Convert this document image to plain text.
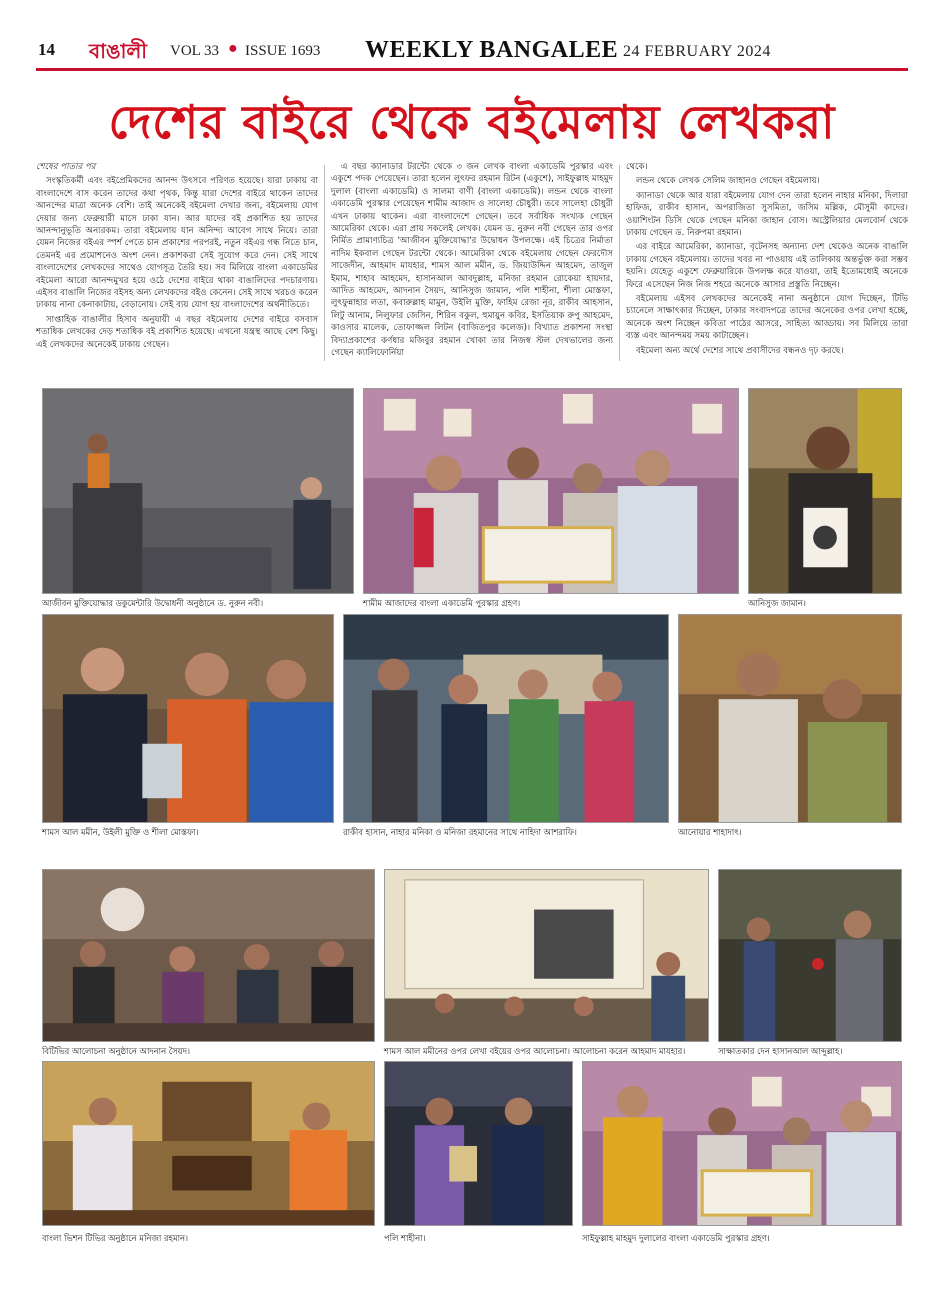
14 বাঙালী VOL 33 ● ISSUE 1693 WEEKLY BANGALEE 24 FEBRUARY 2024
দেশের বাইরে থেকে বইমেলায় লেখকরা

শেষের পাতার পর

সংস্কৃতিকর্মী এবং বইপ্রেমিকদের আনন্দ উৎসবে পরিণত হয়েছে। যারা ঢাকায় বা বাংলাদেশে বাস করেন তাদের কথা পৃথক, কিন্তু যারা দেশের বাইরে থাকেন তাদের আনন্দের মাত্রা অনেক বেশি। তাই অনেকেই বইমেলা দেখার জন্য, বইমেলায় যোগ দেয়ার জন্য ফেব্রুয়ারী মাসে ঢাকা যান। আর যাদের বই প্রকাশিত হয় তাদের আনন্দানুভূতি অন্যরকম। তারা বইমেলায় যান অনিন্দ্য আবেগ সাথে নিয়ে। তারা যেমন নিজের বইএর স্পর্শ পেতে চান প্রকাশের পরপরই, নতুন বইএর গন্ধ নিতে চান, তেমনই এর প্রমোশনেও অংশ নেন। প্রকাশকরা সেই সুযোগ করে দেন। সেই সাথে বাংলাদেশের লেখকদের সাথেও যোগসূত্র তৈরি হয়। সব মিলিয়ে বাংলা একাডেমির বইমেলা আরো আনন্দমুখর হয়ে ওঠে দেশের বাইরে থাকা বাঙালিদের পদচারণায়। এইসব বাঙালি নিজের বইসহ অন্য লেখকদের বইও কেনেন। সেই সাথে খরচও করেন ঢাকায় নানা কেনাকাটায়, বেড়ানোয়। সেই ব্যয় যোগ হয় বাংলাদেশের অর্থনীতিতে।

সাপ্তাহিক বাঙালীর হিসাব অনুযায়ী এ বছর বইমেলায় দেশের বাইরে বসবাস শতাধিক লেখকের দেড় শতাধিক বই প্রকাশিত হয়েছে। এখনো যন্ত্রস্থ আছে বেশ কিছু। এই লেখকদের অনেকেই ঢাকায় গেছেন।

এ বছর ক্যানাডার টরন্টো থেকে ৩ জন লেখক বাংলা একাডেমি পুরস্কার এবং একুশে পদক পেয়েছেন। তারা হলেন লুৎফর রহমান রিটন (একুশে), সাইফুল্লাহ মাহমুদ দুলাল (বাংলা একাডেমি) ও সালমা বাণী (বাংলা একাডেমি)। লন্ডন থেকে বাংলা একাডেমি পুরস্কার পেয়েছেন শামীম আজাদ ও সালেহা চৌধুরী। তবে সালেহা চৌধুরী এখন ঢাকায় থাকেন। এরা বাংলাদেশে গেছেন। তবে সর্বাধিক সংখ্যক গেছেন আমেরিকা থেকে। এরা প্রায় সকলেই লেখক। যেমন ড. নুরুন নবী গেছেন তার ওপর নির্মিত প্রামাণ্যচিত্র 'আজীবন মুক্তিযোদ্ধা'র উদ্বোধন উপলক্ষে। এই চিত্রের নির্মাতা নাদিম ইকবাল গেছেন টরন্টো থেকে। আমেরিকা থেকে বইমেলায় গেছেন ফেরদৌস সাজেদীন, আহমাদ মাযহার, শামস আল মমীন, ড. জিয়াউদ্দিন আহমেদ, তাজুল ইমাম, শাহাব আহমেদ, হাসানআল আবদুল্লাহ, মনিজা রহমান রোকেয়া হায়দার, আদিত আহমেদ, আদনান সৈয়দ, আনিসুজ জামান, পলি শাহীনা, শীলা মোস্তফা, লুৎফুন্নাহার লতা, কবারুল্লাহ মামুন, উইলি মুক্তি, ফাহিম রেজা নূর, রাকীব আহসান, লিটু আনাম, নিলুফার জেসিন, শিরিন বকুল, হুমায়ুন কবির, ইসতিয়াক রুপু আহমেদ, কাওসার মালেক, তোফাজ্জল লিটন (বাজিতপুর কলেজ)। বিখ্যাত প্রকাশনা সংস্থা বিদ্যাপ্রকাশের কর্ণধার মজিবুর রহমান খোকা তার নিজস্ব স্টল দেখভালের জন্য গেছেন ক্যালিফোর্নিয়া

থেকে।

লন্ডন থেকে লেখক সেলিম জাহানও গেছেন বইমেলায়।

ক্যানাডা থেকে আর যারা বইমেলায় যোগ দেন তারা হলেন নাহার মনিকা, দিলারা হাফিজ, রাকীব হাসান, অপরাজিতা সুসমিতা, জসিম মল্লিক, মৌসুমী কাদের। ওয়াশিংটন ডিসি থেকে গেছেন মনিকা জাহান বোস। অস্ট্রেলিয়ার মেলবোর্ন থেকে ঢাকায় গেছেন ড. নিরুপমা রহমান।

এর বাইরে আমেরিকা, ক্যানাডা, বৃটেনসহ অন্যান্য দেশ থেকেও অনেক বাঙালি ঢাকায় গেছেন বইমেলায়। তাদের খবর না পাওয়ায় এই তালিকায় অন্তর্ভুক্ত করা সম্ভব হয়নি। যেহেতু একুশে ফেব্রুয়ারিকে উপলক্ষ করে যাওয়া, তাই ইতোমধ্যেই অনেকে ফিরে এসেছেন নিজ নিজ শহরে অনেকে আসার প্রস্তুতি নিচ্ছেন।

বইমেলায় এইসব লেখকদের অনেকেই নানা অনুষ্ঠানে যোগ দিচ্ছেন, টিভি চ্যানেলে সাক্ষাৎকার দিচ্ছেন, ঢাকার সংবাদপত্রে তাদের অনেকের ওপর লেখা হচ্ছে, অনেকে অংশ নিচ্ছেন কবিতা পাঠের আসরে, সাহিত্য আড্ডায়। সব মিলিয়ে তারা ব্যস্ত এবং আনন্দময় সময় কাটাচ্ছেন।

বইমেলা অন্য অর্থে দেশের সাথে প্রবাসীদের বন্ধনও দৃঢ় করছে।

আজীবন মুক্তিযোদ্ধার ডকুমেন্টারি উদ্বোধনী অনুষ্ঠানে ড. নুরুন নবী।	শামীম আজাদের বাংলা একাডেমি পুরস্কার গ্রহণ।	আনিসুজ জামান।
শামস আল মমীন, উইলী মুক্তি ও শীলা মোস্তফা।	রাকীব হাসান, নাহার মনিকা ও মনিজা রহমানের সাথে নাহিদা আশরাফি।	আনোয়ার শাহাদাৎ।
বিটিভির আলোচনা অনুষ্ঠানে আদনান সৈয়দ।	শামস আল মমীনের ওপর লেখা বইয়ের ওপর আলোচনা। আলোচনা করেন আহমাদ মাযহার।	সাক্ষাতকার দেন হাসানআল আব্দুল্লাহ।
বাংলা ভিশন টিভির অনুষ্ঠানে মনিজা রহমান।	পলি শাহীনা।	সাইফুল্লাহ মাহমুদ দুলালের বাংলা একাডেমি পুরস্কার গ্রহণ।
